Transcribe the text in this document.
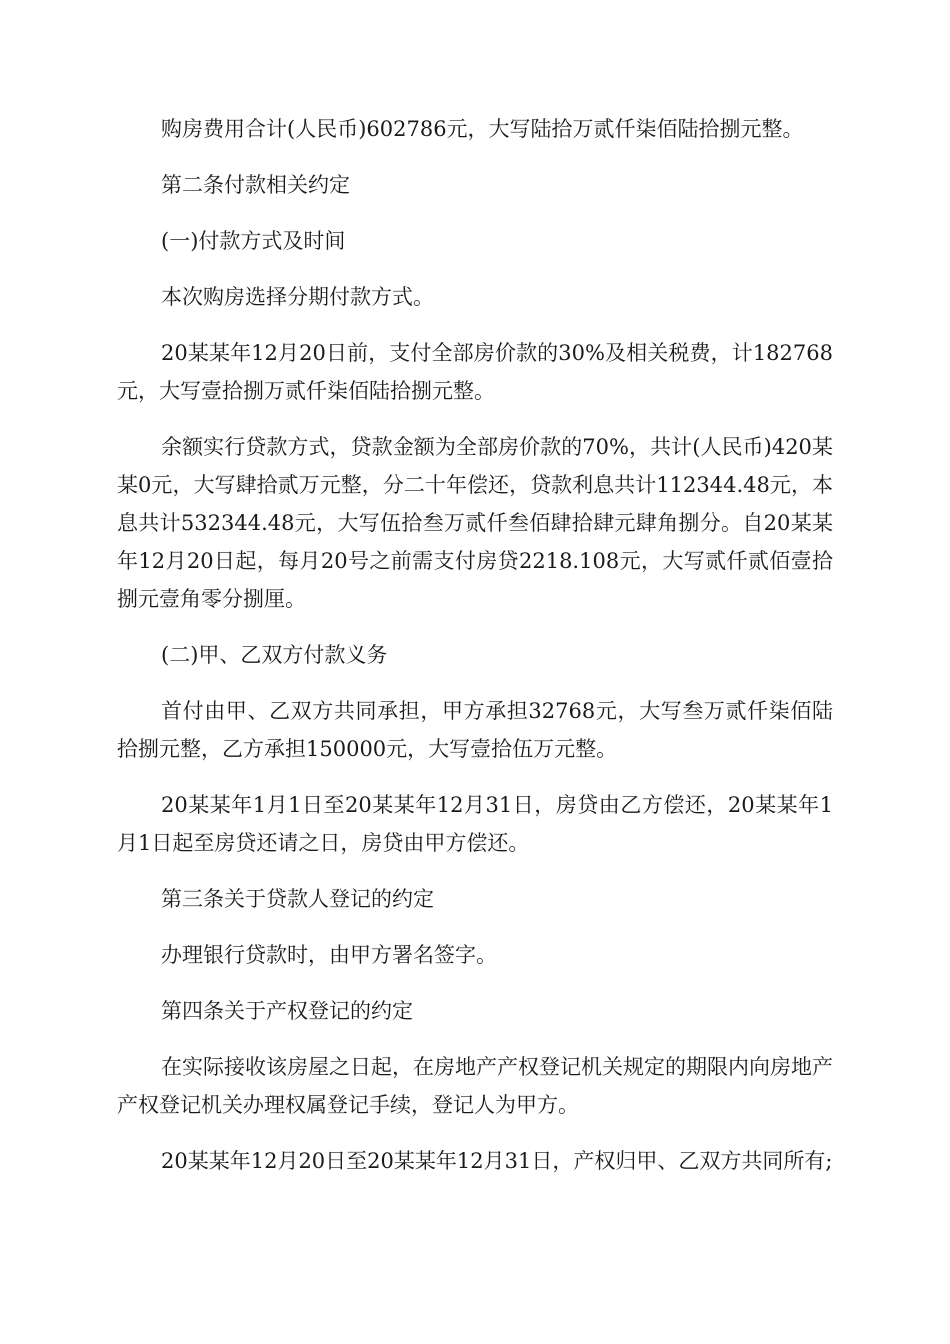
购房费用合计(人民币)602786元，大写陆拾万贰仟柒佰陆拾捌元整。

第二条付款相关约定

(一)付款方式及时间

本次购房选择分期付款方式。

20某某年12月20日前，支付全部房价款的30%及相关税费，计182768元，大写壹拾捌万贰仟柒佰陆拾捌元整。

余额实行贷款方式，贷款金额为全部房价款的70%，共计(人民币)420某某0元，大写肆拾贰万元整，分二十年偿还，贷款利息共计112344.48元，本息共计532344.48元，大写伍拾叁万贰仟叁佰肆拾肆元肆角捌分。自20某某年12月20日起，每月20号之前需支付房贷2218.108元，大写贰仟贰佰壹拾捌元壹角零分捌厘。

(二)甲、乙双方付款义务

首付由甲、乙双方共同承担，甲方承担32768元，大写叁万贰仟柒佰陆拾捌元整，乙方承担150000元，大写壹拾伍万元整。

20某某年1月1日至20某某年12月31日，房贷由乙方偿还，20某某年1月1日起至房贷还请之日，房贷由甲方偿还。

第三条关于贷款人登记的约定

办理银行贷款时，由甲方署名签字。

第四条关于产权登记的约定

在实际接收该房屋之日起，在房地产产权登记机关规定的期限内向房地产产权登记机关办理权属登记手续，登记人为甲方。

20某某年12月20日至20某某年12月31日，产权归甲、乙双方共同所有;
